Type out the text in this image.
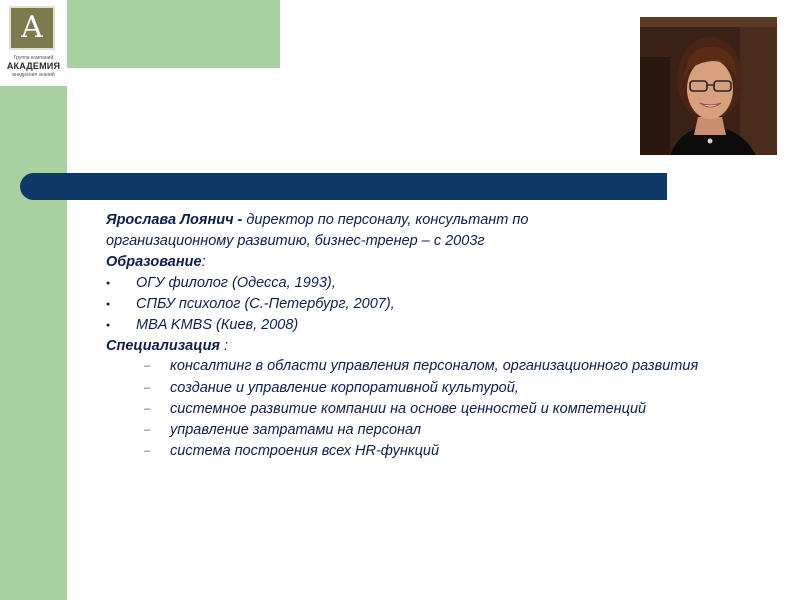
A
Группа компаний
АКАДЕМИЯ
внедрения знаний
Ярослава Лоянич - директор по персоналу, консультант по
организационному развитию, бизнес-тренер – с 2003г
Образование:
● ОГУ филолог (Одесса, 1993),
● СПБУ психолог (С.-Петербург, 2007),
● MBA KMBS (Киев, 2008)
Специализация :
– консалтинг в области управления персоналом, организационного развития
– создание и управление корпоративной культурой,
– системное развитие компании на основе ценностей и компетенций
– управление затратами на персонал
– система построения всех HR-функций
